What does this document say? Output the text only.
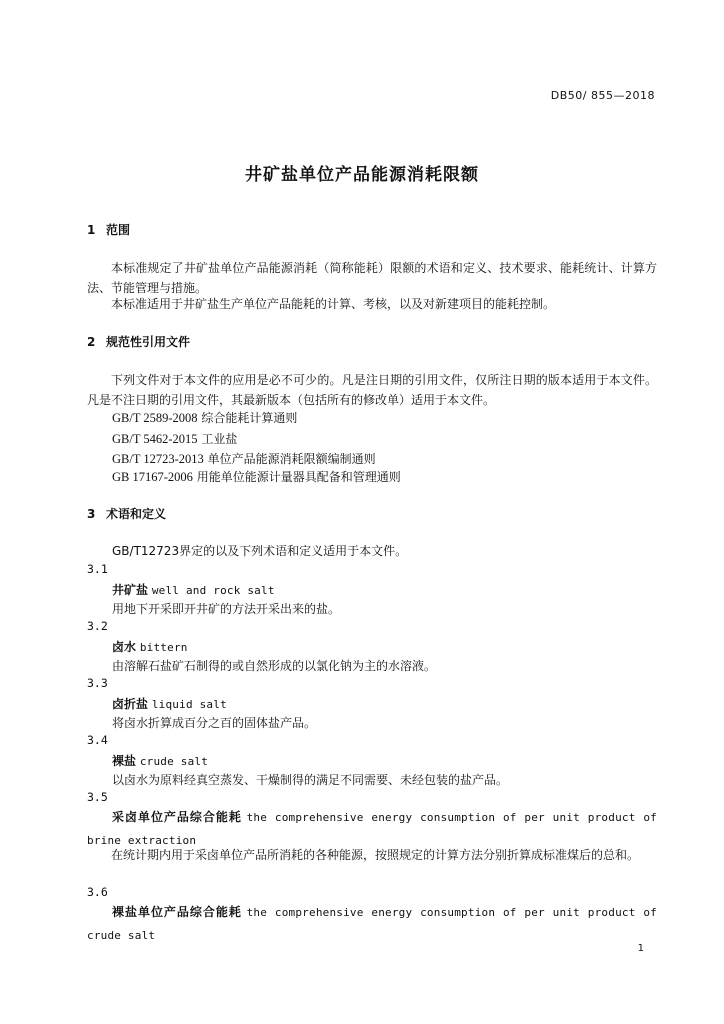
DB50/ 855—2018
井矿盐单位产品能源消耗限额
1 范围
本标准规定了井矿盐单位产品能源消耗（简称能耗）限额的术语和定义、技术要求、能耗统计、计算方法、节能管理与措施。
本标准适用于井矿盐生产单位产品能耗的计算、考核，以及对新建项目的能耗控制。
2 规范性引用文件
下列文件对于本文件的应用是必不可少的。凡是注日期的引用文件，仅所注日期的版本适用于本文件。凡是不注日期的引用文件，其最新版本（包括所有的修改单）适用于本文件。
GB/T 2589-2008 综合能耗计算通则
GB/T 5462-2015 工业盐
GB/T 12723-2013 单位产品能源消耗限额编制通则
GB 17167-2006 用能单位能源计量器具配备和管理通则
3 术语和定义
GB/T12723界定的以及下列术语和定义适用于本文件。
3.1
井矿盐 well and rock salt
用地下开采即开井矿的方法开采出来的盐。
3.2
卤水 bittern
由溶解石盐矿石制得的或自然形成的以氯化钠为主的水溶液。
3.3
卤折盐 liquid salt
将卤水折算成百分之百的固体盐产品。
3.4
裸盐 crude salt
以卤水为原料经真空蒸发、干燥制得的满足不同需要、未经包装的盐产品。
3.5
采卤单位产品综合能耗 the comprehensive energy consumption of per unit product of brine extraction
在统计期内用于采卤单位产品所消耗的各种能源，按照规定的计算方法分别折算成标准煤后的总和。
3.6
裸盐单位产品综合能耗 the comprehensive energy consumption of per unit product of crude salt
1
